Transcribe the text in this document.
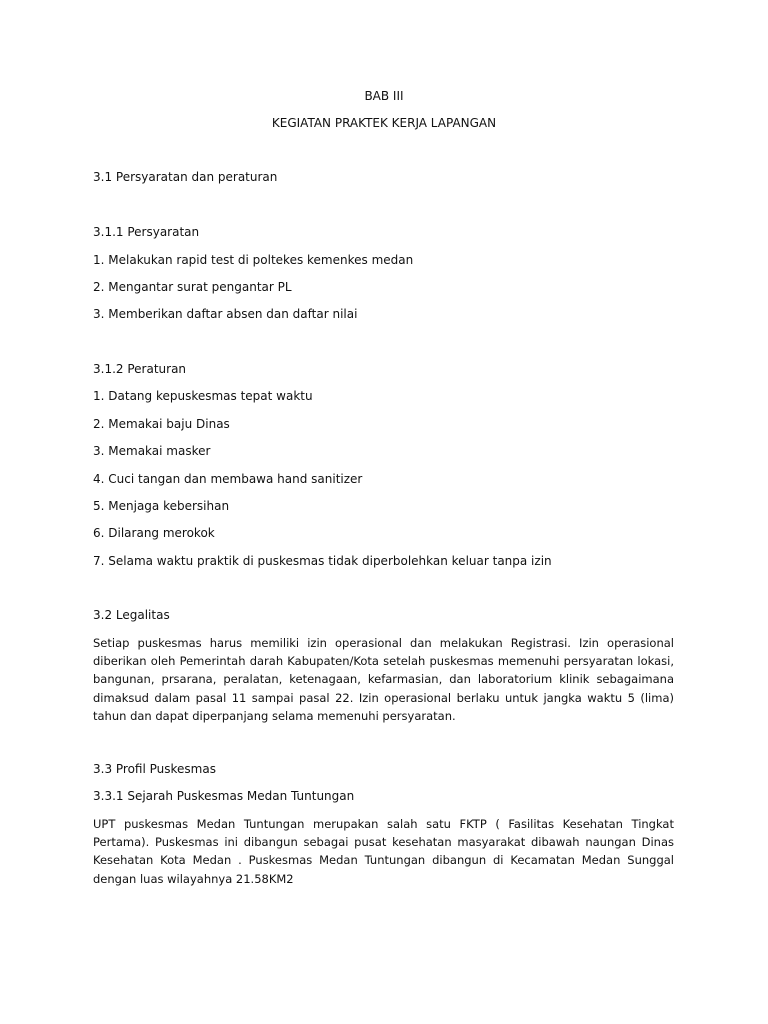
BAB III

KEGIATAN PRAKTEK KERJA LAPANGAN

3.1 Persyaratan dan peraturan

3.1.1 Persyaratan

1. Melakukan rapid test di poltekes kemenkes medan

2. Mengantar surat pengantar PL

3. Memberikan daftar absen dan daftar nilai

3.1.2 Peraturan

1. Datang kepuskesmas tepat waktu

2. Memakai baju Dinas

3. Memakai masker

4. Cuci tangan dan membawa hand sanitizer

5. Menjaga kebersihan

6. Dilarang merokok

7. Selama waktu praktik di puskesmas tidak diperbolehkan keluar tanpa izin

3.2 Legalitas

Setiap puskesmas harus memiliki izin operasional dan melakukan Registrasi. Izin operasional diberikan oleh Pemerintah darah Kabupaten/Kota setelah puskesmas memenuhi persyaratan lokasi, bangunan, prsarana, peralatan, ketenagaan, kefarmasian, dan laboratorium klinik sebagaimana dimaksud dalam pasal 11 sampai pasal 22. Izin operasional berlaku untuk jangka waktu 5 (lima) tahun dan dapat diperpanjang selama memenuhi persyaratan.

3.3 Profil Puskesmas

3.3.1 Sejarah Puskesmas Medan Tuntungan

UPT puskesmas Medan Tuntungan merupakan salah satu FKTP ( Fasilitas Kesehatan Tingkat Pertama). Puskesmas ini dibangun sebagai pusat kesehatan masyarakat dibawah naungan Dinas Kesehatan Kota Medan . Puskesmas Medan Tuntungan dibangun di Kecamatan Medan Sunggal dengan luas wilayahnya 21.58KM2
